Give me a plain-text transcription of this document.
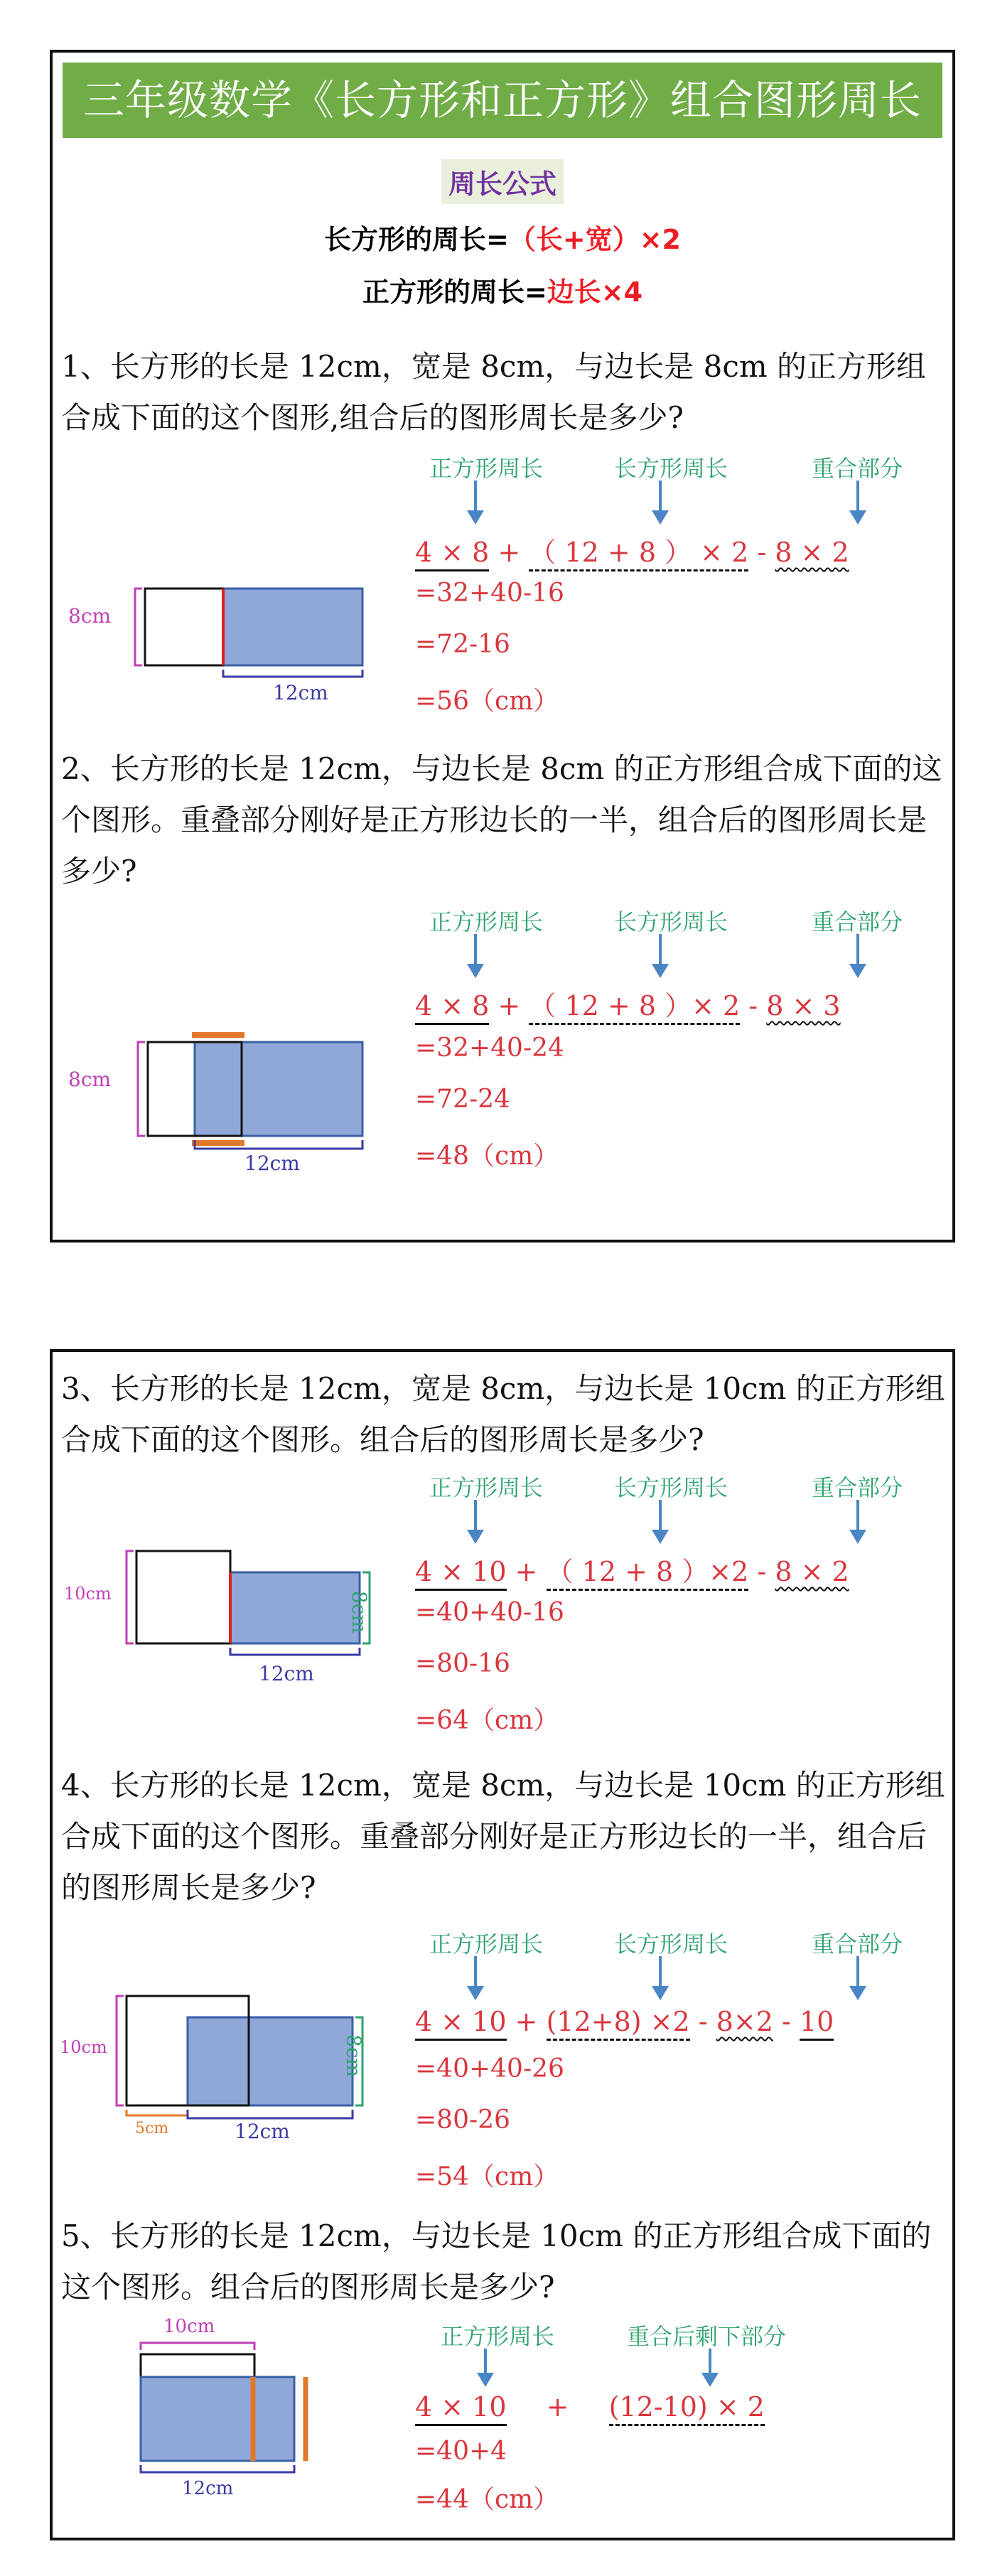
三年级数学《长方形和正方形》组合图形周长
周长公式
长方形的周长=（长+宽）×2
正方形的周长=边长×4
1、长方形的长是 12cm，宽是 8cm，与边长是 8cm 的正方形组合成下面的这个图形,组合后的图形周长是多少?
正方形周长	长方形周长	重合部分
4 × 8 + （ 12 + 8 ） × 2 - 8 × 2
=32+40-16
=72-16
=56（cm）
8cm
12cm
2、长方形的长是 12cm，与边长是 8cm 的正方形组合成下面的这个图形。重叠部分刚好是正方形边长的一半，组合后的图形周长是多少?
正方形周长	长方形周长	重合部分
4 × 8 + （ 12 + 8 ）× 2 - 8 × 3
=32+40-24
=72-24
=48（cm）
8cm
12cm
3、长方形的长是 12cm，宽是 8cm，与边长是 10cm 的正方形组合成下面的这个图形。组合后的图形周长是多少?
正方形周长	长方形周长	重合部分
4 × 10 + （ 12 + 8 ）×2 - 8 × 2
=40+40-16
=80-16
=64（cm）
10cm
12cm
8cm
4、长方形的长是 12cm，宽是 8cm，与边长是 10cm 的正方形组合成下面的这个图形。重叠部分刚好是正方形边长的一半，组合后的图形周长是多少?
正方形周长	长方形周长	重合部分
4 × 10 + (12+8) ×2 - 8×2 - 10
=40+40-26
=80-26
=54（cm）
10cm
12cm
8cm
5cm
5、长方形的长是 12cm，与边长是 10cm 的正方形组合成下面的这个图形。组合后的图形周长是多少?
正方形周长	重合后剩下部分
4 × 10 + (12-10) × 2
=40+4
=44（cm）
10cm
12cm
